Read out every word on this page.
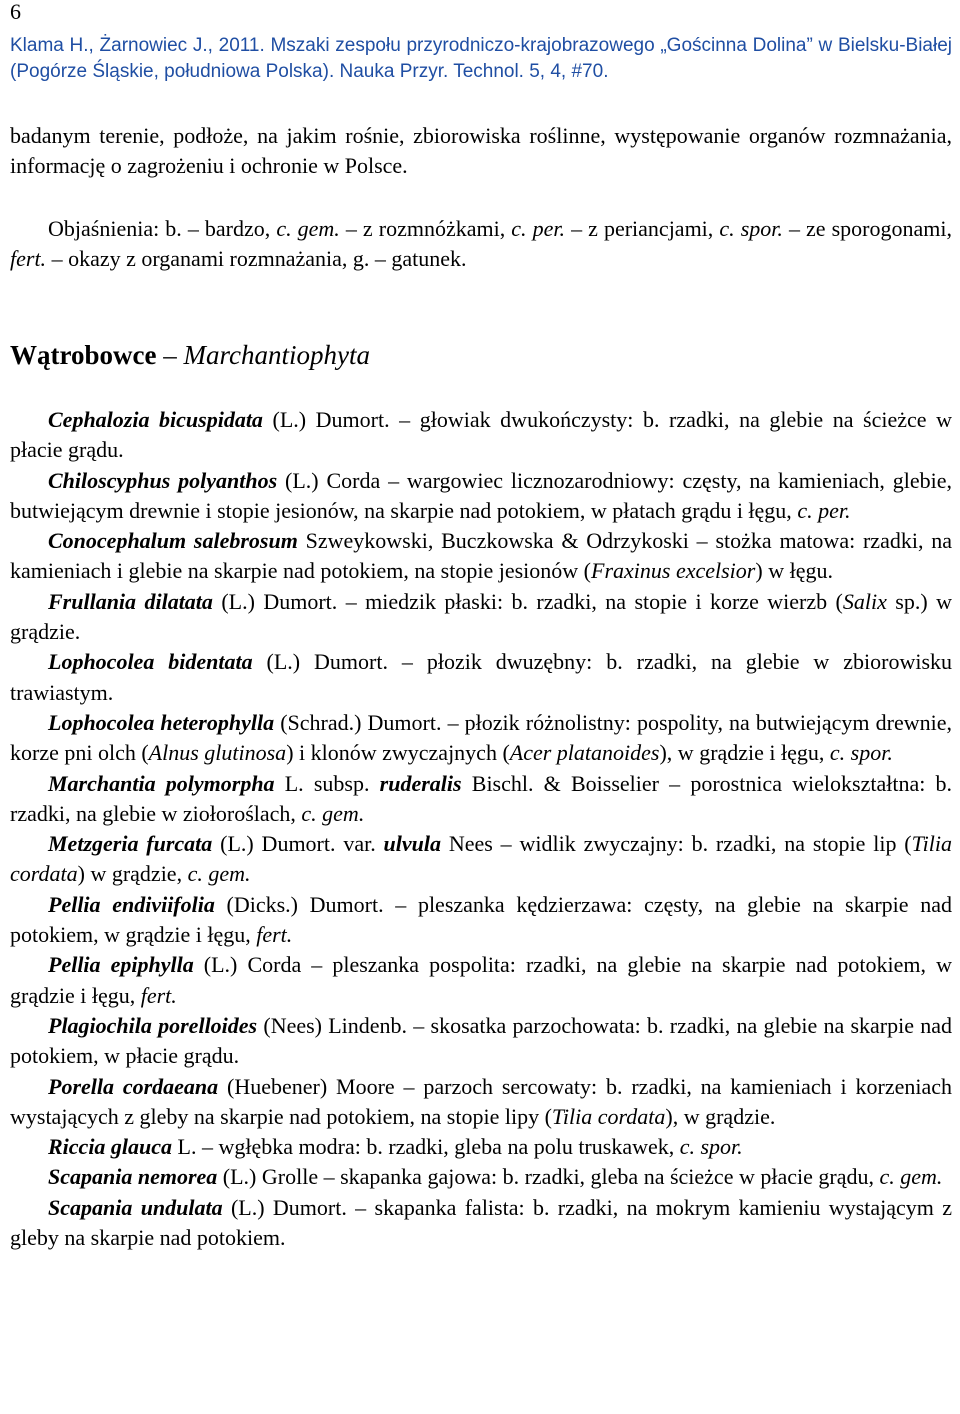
6
Klama H., Żarnowiec J., 2011. Mszaki zespołu przyrodniczo-krajobrazowego „Gościnna Dolina” w Bielsku-Białej (Pogórze Śląskie, południowa Polska). Nauka Przyr. Technol. 5, 4, #70.
badanym terenie, podłoże, na jakim rośnie, zbiorowiska roślinne, występowanie organów rozmnażania, informację o zagrożeniu i ochronie w Polsce.
Objaśnienia: b. – bardzo, c. gem. – z rozmnóżkami, c. per. – z periancjami, c. spor. – ze sporogonami, fert. – okazy z organami rozmnażania, g. – gatunek.
Wątrobowce – Marchantiophyta
Cephalozia bicuspidata (L.) Dumort. – głowiak dwukończysty: b. rzadki, na glebie na ścieżce w płacie grądu.
Chiloscyphus polyanthos (L.) Corda – wargowiec licznozarodniowy: częsty, na kamieniach, glebie, butwiejącym drewnie i stopie jesionów, na skarpie nad potokiem, w płatach grądu i łęgu, c. per.
Conocephalum salebrosum Szweykowski, Buczkowska & Odrzykoski – stożka matowa: rzadki, na kamieniach i glebie na skarpie nad potokiem, na stopie jesionów (Fraxinus excelsior) w łęgu.
Frullania dilatata (L.) Dumort. – miedzik płaski: b. rzadki, na stopie i korze wierzb (Salix sp.) w grądzie.
Lophocolea bidentata (L.) Dumort. – płozik dwuzębny: b. rzadki, na glebie w zbiorowisku trawiastym.
Lophocolea heterophylla (Schrad.) Dumort. – płozik różnolistny: pospolity, na butwiejącym drewnie, korze pni olch (Alnus glutinosa) i klonów zwyczajnych (Acer platanoides), w grądzie i łęgu, c. spor.
Marchantia polymorpha L. subsp. ruderalis Bischl. & Boisselier – porostnica wielokształtna: b. rzadki, na glebie w ziołoroślach, c. gem.
Metzgeria furcata (L.) Dumort. var. ulvula Nees – widlik zwyczajny: b. rzadki, na stopie lip (Tilia cordata) w grądzie, c. gem.
Pellia endiviifolia (Dicks.) Dumort. – pleszanka kędzierzawa: częsty, na glebie na skarpie nad potokiem, w grądzie i łęgu, fert.
Pellia epiphylla (L.) Corda – pleszanka pospolita: rzadki, na glebie na skarpie nad potokiem, w grądzie i łęgu, fert.
Plagiochila porelloides (Nees) Lindenb. – skosatka parzochowata: b. rzadki, na glebie na skarpie nad potokiem, w płacie grądu.
Porella cordaeana (Huebener) Moore – parzoch sercowaty: b. rzadki, na kamieniach i korzeniach wystających z gleby na skarpie nad potokiem, na stopie lipy (Tilia cordata), w grądzie.
Riccia glauca L. – wgłębka modra: b. rzadki, gleba na polu truskawek, c. spor.
Scapania nemorea (L.) Grolle – skapanka gajowa: b. rzadki, gleba na ścieżce w płacie grądu, c. gem.
Scapania undulata (L.) Dumort. – skapanka falista: b. rzadki, na mokrym kamieniu wystającym z gleby na skarpie nad potokiem.
